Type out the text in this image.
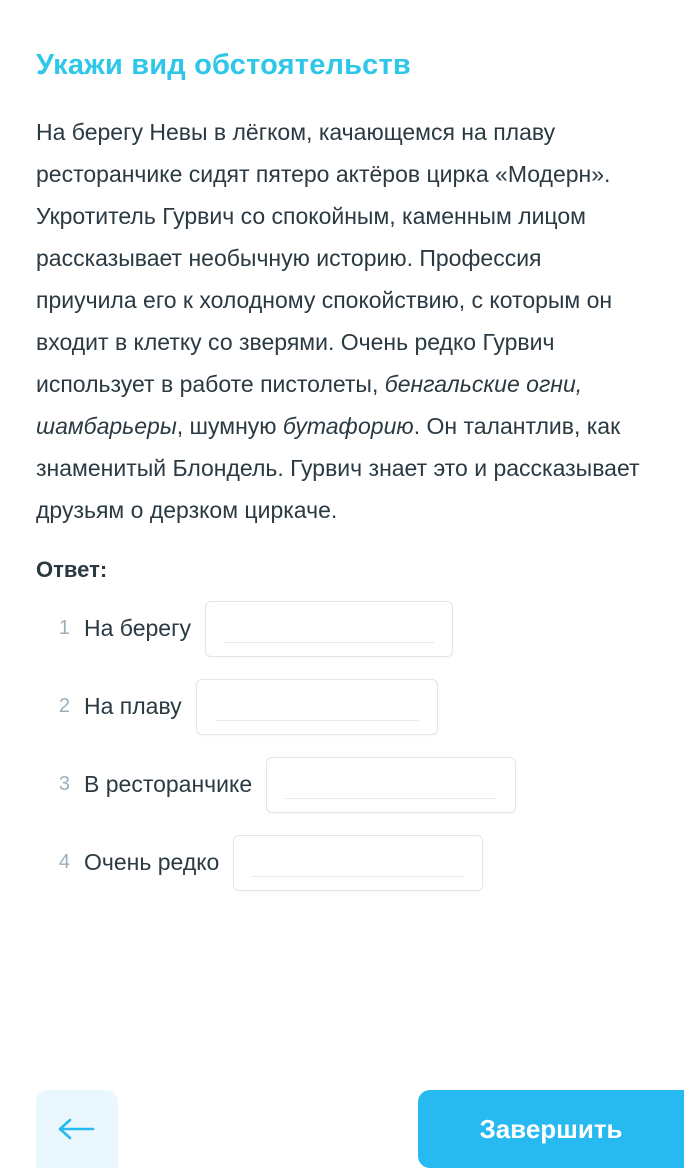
Укажи вид обстоятельств

На берегу Невы в лёгком, качающемся на плаву ресторанчике сидят пятеро актёров цирка «Модерн». Укротитель Гурвич со спокойным, каменным лицом рассказывает необычную историю. Профессия приучила его к холодному спокойствию, с которым он входит в клетку со зверями. Очень редко Гурвич использует в работе пистолеты, бенгальские огни, шамбарьеры, шумную бутафорию. Он талантлив, как знаменитый Блондель. Гурвич знает это и рассказывает друзьям о дерзком циркаче.

Ответ:
1 На берегу
2 На плаву
3 В ресторанчике
4 Очень редко
Завершить
